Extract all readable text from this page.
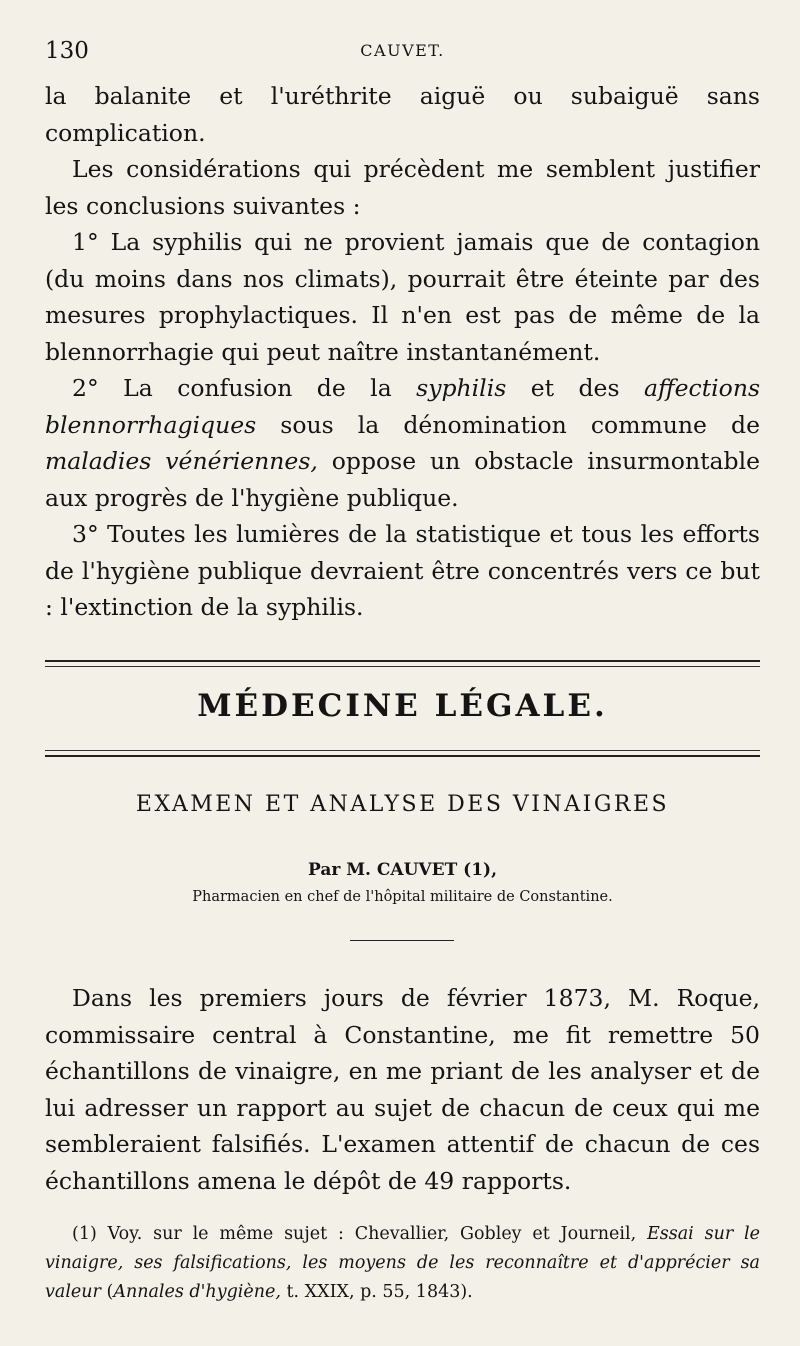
130	CAUVET.

la balanite et l'uréthrite aiguë ou subaiguë sans complication.

Les considérations qui précèdent me semblent justifier les conclusions suivantes :

1° La syphilis qui ne provient jamais que de contagion (du moins dans nos climats), pourrait être éteinte par des mesures prophylactiques. Il n'en est pas de même de la blennorrhagie qui peut naître instantanément.

2° La confusion de la syphilis et des affections blennorrhagiques sous la dénomination commune de maladies vénériennes, oppose un obstacle insurmontable aux progrès de l'hygiène publique.

3° Toutes les lumières de la statistique et tous les efforts de l'hygiène publique devraient être concentrés vers ce but : l'extinction de la syphilis.

MÉDECINE LÉGALE.
EXAMEN ET ANALYSE DES VINAIGRES
Par M. CAUVET (1),
Pharmacien en chef de l'hôpital militaire de Constantine.

Dans les premiers jours de février 1873, M. Roque, commissaire central à Constantine, me fit remettre 50 échantillons de vinaigre, en me priant de les analyser et de lui adresser un rapport au sujet de chacun de ceux qui me sembleraient falsifiés. L'examen attentif de chacun de ces échantillons amena le dépôt de 49 rapports.

(1) Voy. sur le même sujet : Chevallier, Gobley et Journeil, Essai sur le vinaigre, ses falsifications, les moyens de les reconnaître et d'apprécier sa valeur (Annales d'hygiène, t. XXIX, p. 55, 1843).
